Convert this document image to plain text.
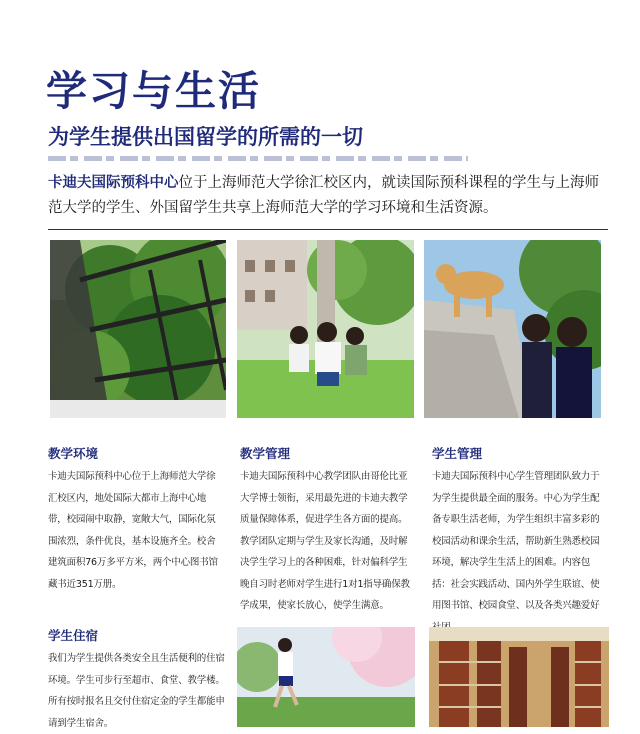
学习与生活
为学生提供出国留学的所需的一切
卡迪夫国际预科中心位于上海师范大学徐汇校区内，就读国际预科课程的学生与上海师范大学的学生、外国留学生共享上海师范大学的学习环境和生活资源。
教学环境

卡迪夫国际预科中心位于上海师范大学徐汇校区内，地处国际大都市上海中心地带，校园闹中取静，宽敞大气，国际化氛围浓烈，条件优良，基本设施齐全。校舍建筑面积76万多平方米，两个中心图书馆藏书近351万册。

教学管理

卡迪夫国际预科中心教学团队由哥伦比亚大学博士领衔，采用最先进的卡迪夫教学质量保障体系，促进学生各方面的提高。教学团队定期与学生及家长沟通，及时解决学生学习上的各种困难，针对偏科学生晚自习时老师对学生进行1对1指导确保教学成果，使家长放心，使学生满意。

学生管理

卡迪夫国际预科中心学生管理团队致力于为学生提供最全面的服务。中心为学生配备专职生活老师，为学生组织丰富多彩的校园活动和课余生活，帮助新生熟悉校园环境，解决学生生活上的困难。内容包括：社会实践活动、国内外学生联谊、使用图书馆、校园食堂、以及各类兴趣爱好

学生住宿

我们为学生提供各类安全且生活便利的住宿环境。学生可步行至超市、食堂、教学楼。所有按时报名且交付住宿定金的学生都能申请到学生宿舍。
